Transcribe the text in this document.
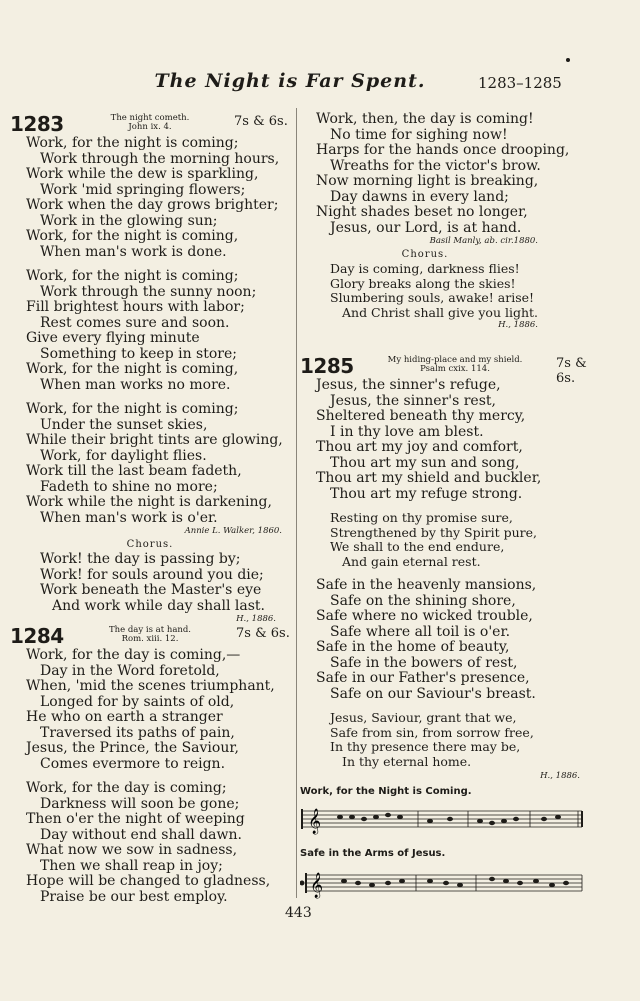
The Night is Far Spent.	1283–1285
1283	The night cometh.
John ix. 4.	7s & 6s.
Work, for the night is coming;
Work through the morning hours,
Work while the dew is sparkling,
Work 'mid springing flowers;
Work when the day grows brighter;
Work in the glowing sun;
Work, for the night is coming,
When man's work is done.
Work, for the night is coming;
Work through the sunny noon;
Fill brightest hours with labor;
Rest comes sure and soon.
Give every flying minute
Something to keep in store;
Work, for the night is coming,
When man works no more.
Work, for the night is coming;
Under the sunset skies,
While their bright tints are glowing,
Work, for daylight flies.
Work till the last beam fadeth,
Fadeth to shine no more;
Work while the night is darkening,
When man's work is o'er.
Annie L. Walker, 1860.
Chorus.
Work! the day is passing by;
Work! for souls around you die;
Work beneath the Master's eye
And work while day shall last.
H., 1886.
1284	The day is at hand.
Rom. xiii. 12.	7s & 6s.
Work, for the day is coming,—
Day in the Word foretold,
When, 'mid the scenes triumphant,
Longed for by saints of old,
He who on earth a stranger
Traversed its paths of pain,
Jesus, the Prince, the Saviour,
Comes evermore to reign.
Work, for the day is coming;
Darkness will soon be gone;
Then o'er the night of weeping
Day without end shall dawn.
What now we sow in sadness,
Then we shall reap in joy;
Hope will be changed to gladness,
Praise be our best employ.
443
Work, then, the day is coming!
No time for sighing now!
Harps for the hands once drooping,
Wreaths for the victor's brow.
Now morning light is breaking,
Day dawns in every land;
Night shades beset no longer,
Jesus, our Lord, is at hand.
Basil Manly, ab. cir.1880.
Chorus.
Day is coming, darkness flies!
Glory breaks along the skies!
Slumbering souls, awake! arise!
And Christ shall give you light.
H., 1886.
1285	My hiding-place and my shield.
Psalm cxix. 114.	7s & 6s.
Jesus, the sinner's refuge,
Jesus, the sinner's rest,
Sheltered beneath thy mercy,
I in thy love am blest.
Thou art my joy and comfort,
Thou art my sun and song,
Thou art my shield and buckler,
Thou art my refuge strong.
Resting on thy promise sure,
Strengthened by thy Spirit pure,
We shall to the end endure,
And gain eternal rest.
Safe in the heavenly mansions,
Safe on the shining shore,
Safe where no wicked trouble,
Safe where all toil is o'er.
Safe in the home of beauty,
Safe in the bowers of rest,
Safe in our Father's presence,
Safe on our Saviour's breast.
Jesus, Saviour, grant that we,
Safe from sin, from sorrow free,
In thy presence there may be,
In thy eternal home.
H., 1886.
Work, for the Night is Coming.
𝄞
Safe in the Arms of Jesus.
𝄞
